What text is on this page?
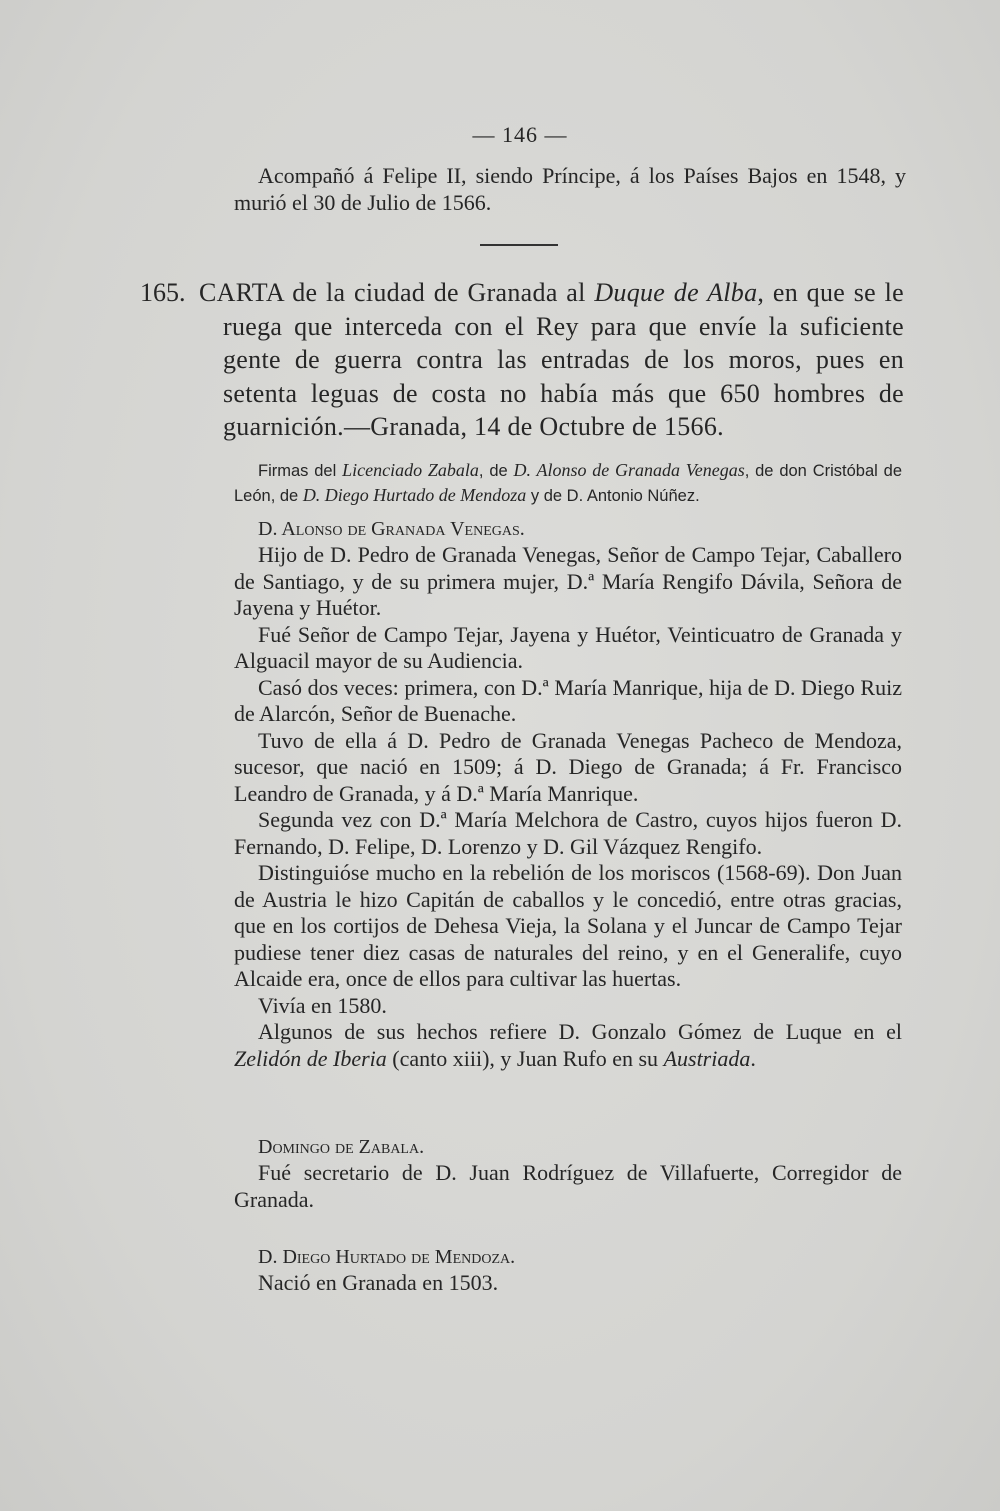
— 146 —

Acompañó á Felipe II, siendo Príncipe, á los Países Bajos en 1548, y murió el 30 de Julio de 1566.

165. CARTA de la ciudad de Granada al Duque de Alba, en que se le ruega que interceda con el Rey para que envíe la suficiente gente de guerra contra las entradas de los moros, pues en setenta leguas de costa no había más que 650 hombres de guarnición.—Granada, 14 de Octubre de 1566.

Firmas del Licenciado Zabala, de D. Alonso de Granada Venegas, de don Cristóbal de León, de D. Diego Hurtado de Mendoza y de D. Antonio Núñez.

D. Alonso de Granada Venegas.

Hijo de D. Pedro de Granada Venegas, Señor de Campo Tejar, Caballero de Santiago, y de su primera mujer, D.ª María Rengifo Dávila, Señora de Jayena y Huétor.

Fué Señor de Campo Tejar, Jayena y Huétor, Veinticuatro de Granada y Alguacil mayor de su Audiencia.

Casó dos veces: primera, con D.ª María Manrique, hija de D. Diego Ruiz de Alarcón, Señor de Buenache.

Tuvo de ella á D. Pedro de Granada Venegas Pacheco de Mendoza, sucesor, que nació en 1509; á D. Diego de Granada; á Fr. Francisco Leandro de Granada, y á D.ª María Manrique.

Segunda vez con D.ª María Melchora de Castro, cuyos hijos fueron D. Fernando, D. Felipe, D. Lorenzo y D. Gil Vázquez Rengifo.

Distinguióse mucho en la rebelión de los moriscos (1568-69). Don Juan de Austria le hizo Capitán de caballos y le concedió, entre otras gracias, que en los cortijos de Dehesa Vieja, la Solana y el Juncar de Campo Tejar pudiese tener diez casas de naturales del reino, y en el Generalife, cuyo Alcaide era, once de ellos para cultivar las huertas.

Vivía en 1580.

Algunos de sus hechos refiere D. Gonzalo Gómez de Luque en el Zelidón de Iberia (canto xiii), y Juan Rufo en su Austriada.

Domingo de Zabala.

Fué secretario de D. Juan Rodríguez de Villafuerte, Corregidor de Granada.

D. Diego Hurtado de Mendoza.

Nació en Granada en 1503.
